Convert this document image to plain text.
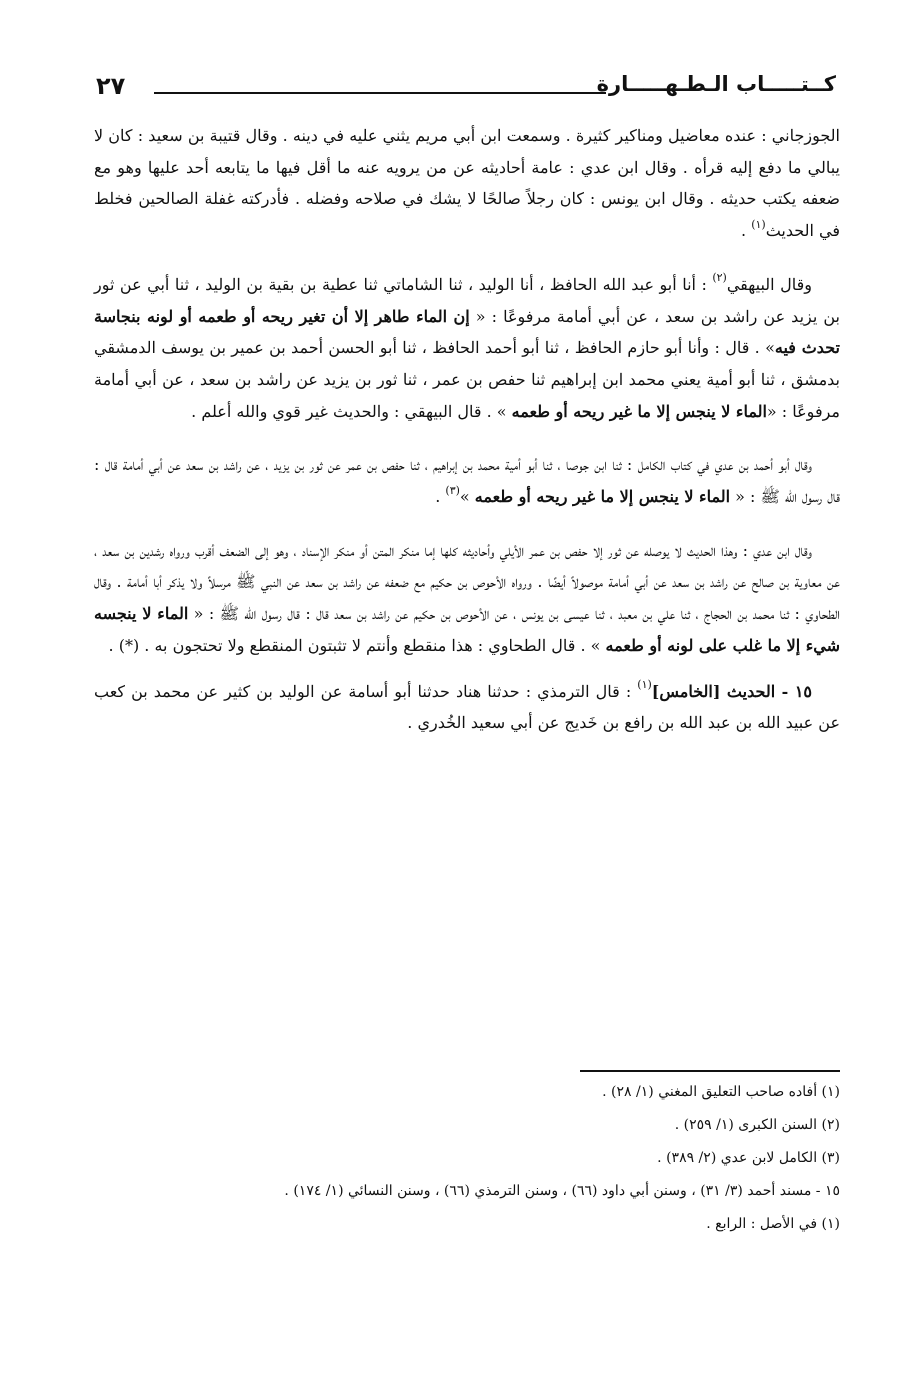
كــتـــــاب الـطـهـــــارة
٢٧

الجوزجاني : عنده معاضيل ومناكير كثيرة . وسمعت ابن أبي مريم يثني عليه في دينه . وقال قتيبة بن سعيد : كان لا يبالي ما دفع إليه قرأه . وقال ابن عدي : عامة أحاديثه عن من يرويه عنه ما أقل فيها ما يتابعه أحد عليها وهو مع ضعفه يكتب حديثه . وقال ابن يونس : كان رجلاً صالحًا لا يشك في صلاحه وفضله . فأدركته غفلة الصالحين فخلط في الحديث$^{(١)}$ .

وقال البيهقي$^{(٢)}$ : أنا أبو عبد الله الحافظ ، أنا الوليد ، ثنا الشاماتي ثنا عطية بن بقية بن الوليد ، ثنا أبي عن ثور بن يزيد عن راشد بن سعد ، عن أبي أمامة مرفوعًا : « إن الماء طاهر إلا أن تغير ريحه أو طعمه أو لونه بنجاسة تحدث فيه» . قال : وأنا أبو حازم الحافظ ، ثنا أبو أحمد الحافظ ، ثنا أبو الحسن أحمد بن عمير بن يوسف الدمشقي بدمشق ، ثنا أبو أمية يعني محمد ابن إبراهيم ثنا حفص بن عمر ، ثنا ثور بن يزيد عن راشد بن سعد ، عن أبي أمامة مرفوعًا : «الماء لا ينجس إلا ما غير ريحه أو طعمه » . قال البيهقي : والحديث غير قوي والله أعلم .

وقال أبو أحمد بن عدي في كتاب الكامل : ثنا ابن جوصا ، ثنا أبو أمية محمد بن إبراهيم ، ثنا حفص بن عمر عن ثور بن يزيد ، عن راشد بن سعد عن أبي أمامة قال : قال رسول الله ﷺ : « الماء لا ينجس إلا ما غير ريحه أو طعمه »$^{(٣)}$ .

وقال ابن عدي : وهذا الحديث لا يوصله عن ثور إلا حفص بن عمر الأيلي وأحاديثه كلها إما منكر المتن أو منكر الإسناد ، وهو إلى الضعف أقرب ورواه رشدين بن سعد ، عن معاوية بن صالح عن راشد بن سعد عن أبي أمامة موصولاً أيضًا . ورواه الأحوص بن حكيم مع ضعفه عن راشد بن سعد عن النبي ﷺ مرسلاً ولا يذكر أبا أمامة . وقال الطحاوي : ثنا محمد بن الحجاج ، ثنا علي بن معبد ، ثنا عيسى بن يونس ، عن الأحوص بن حكيم عن راشد بن سعد قال : قال رسول الله ﷺ : « الماء لا ينجسه شيء إلا ما غلب على لونه أو طعمه » . قال الطحاوي : هذا منقطع وأنتم لا تثبتون المنقطع ولا تحتجون به . (*) .

١٥ - الحديث [الخامس]$^{(١)}$ : قال الترمذي : حدثنا هناد حدثنا أبو أسامة عن الوليد بن كثير عن محمد بن كعب عن عبيد الله بن عبد الله بن رافع بن خَديج عن أبي سعيد الخُدري .

(١) أفاده صاحب التعليق المغني (١/ ٢٨) .

(٢) السنن الكبرى (١/ ٢٥٩) .

(٣) الكامل لابن عدي (٢/ ٣٨٩) .

١٥ - مسند أحمد (٣/ ٣١) ، وسنن أبي داود (٦٦) ، وسنن الترمذي (٦٦) ، وسنن النسائي (١/ ١٧٤) .

(١) في الأصل : الرابع .
